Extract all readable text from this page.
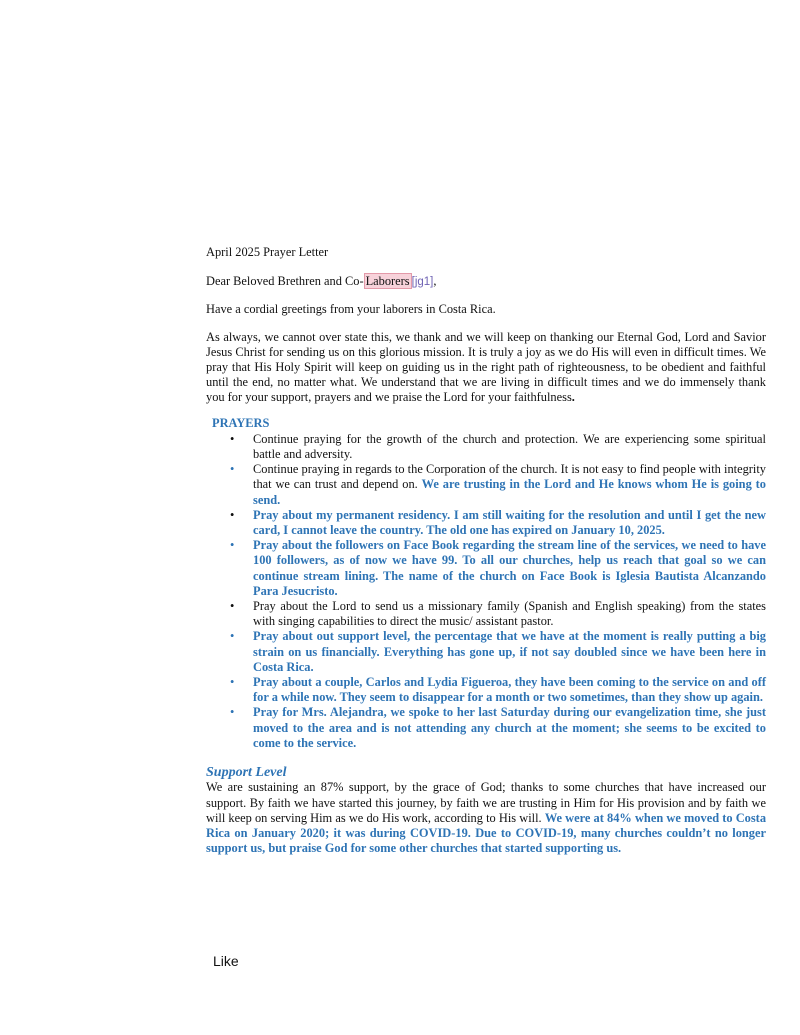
April 2025 Prayer Letter

Dear Beloved Brethren and Co- Laborers [jg1],

Have a cordial greetings from your laborers in Costa Rica.

As always, we cannot over state this, we thank and we will keep on thanking our Eternal God, Lord and Savior Jesus Christ for sending us on this glorious mission. It is truly a joy as we do His will even in difficult times. We pray that His Holy Spirit will keep on guiding us in the right path of righteousness, to be obedient and faithful until the end, no matter what. We understand that we are living in difficult times and we do immensely thank you for your support, prayers and we praise the Lord for your faithfulness.

PRAYERS
• Continue praying for the growth of the church and protection. We are experiencing some spiritual battle and adversity.
• Continue praying in regards to the Corporation of the church. It is not easy to find people with integrity that we can trust and depend on. We are trusting in the Lord and He knows whom He is going to send.
• Pray about my permanent residency. I am still waiting for the resolution and until I get the new card, I cannot leave the country. The old one has expired on January 10, 2025.
• Pray about the followers on Face Book regarding the stream line of the services, we need to have 100 followers, as of now we have 99. To all our churches, help us reach that goal so we can continue stream lining. The name of the church on Face Book is Iglesia Bautista Alcanzando Para Jesucristo.
• Pray about the Lord to send us a missionary family (Spanish and English speaking) from the states with singing capabilities to direct the music/ assistant pastor.
• Pray about out support level, the percentage that we have at the moment is really putting a big strain on us financially. Everything has gone up, if not say doubled since we have been here in Costa Rica.
• Pray about a couple, Carlos and Lydia Figueroa, they have been coming to the service on and off for a while now. They seem to disappear for a month or two sometimes, than they show up again.
• Pray for Mrs. Alejandra, we spoke to her last Saturday during our evangelization time, she just moved to the area and is not attending any church at the moment; she seems to be excited to come to the service.
Support Level

We are sustaining an 87% support, by the grace of God; thanks to some churches that have increased our support. By faith we have started this journey, by faith we are trusting in Him for His provision and by faith we will keep on serving Him as we do His work, according to His will. We were at 84% when we moved to Costa Rica on January 2020; it was during COVID-19. Due to COVID-19, many churches couldn’t no longer support us, but praise God for some other churches that started supporting us.

Like
